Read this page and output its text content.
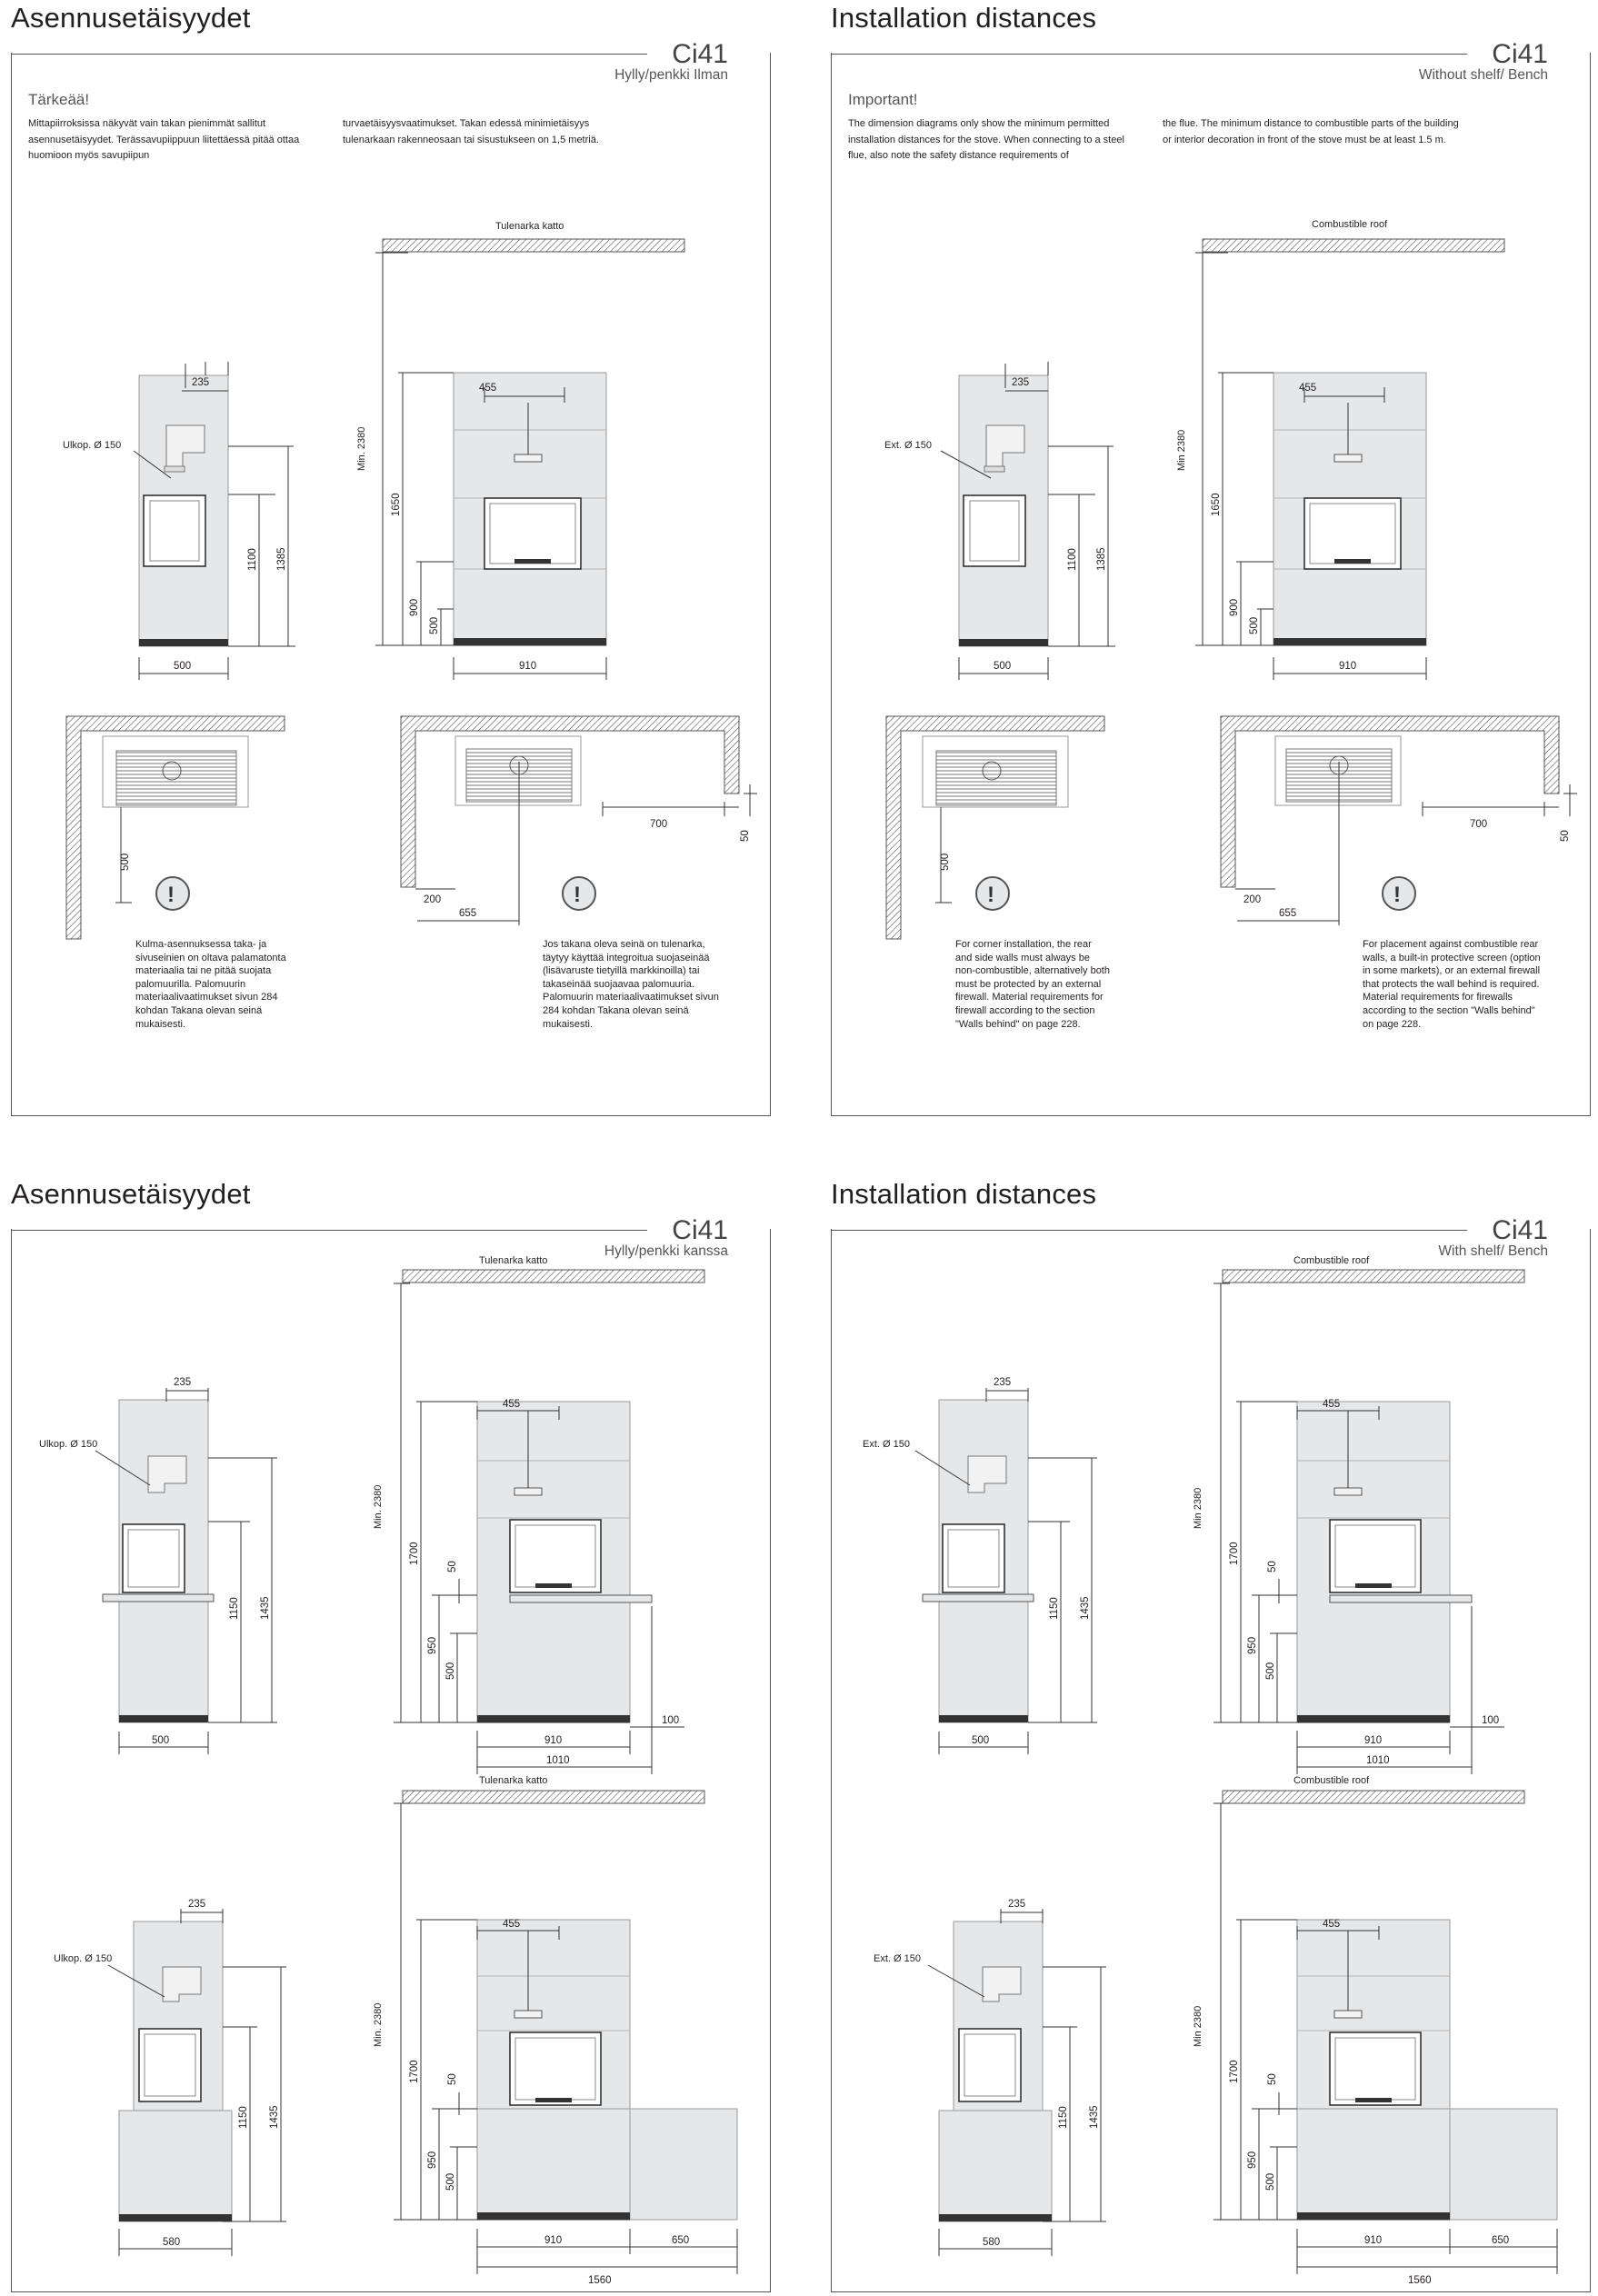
Asennusetäisyydet	Installation distances
Asennusetäisyydet	Installation distances
Ci41
Hylly/penkki Ilman
Tärkeää!
Mittapiirroksissa näkyvät vain takan pienimmät sallitut asennusetäisyydet. Terässavupiippuun liitettäessä pitää ottaa huomioon myös savupiipun
turvaetäisyysvaatimukset. Takan edessä minimietäisyys tulenarkaan rakenneosaan tai sisustukseen on 1,5 metriä.
Kulma-asennuksessa taka- ja sivuseinien on oltava palamatonta materiaalia tai ne pitää suojata palomuurilla. Palomuurin materiaalivaatimukset sivun 284 kohdan Takana olevan seinä mukaisesti.
Jos takana oleva seinä on tulenarka, täytyy käyttää integroitua suojaseinää (lisävaruste tietyillä markkinoilla) tai takaseinää suojaavaa palomuuria. Palomuurin materiaalivaatimukset sivun 284 kohdan Takana olevan seinä mukaisesti.
Tulenarka katto
235
Ulkop. Ø 150
500
1100 1385
455
Min. 2380
1650
900
500
910
500
!
700
50
200
655
!
Ci41
Without shelf/ Bench
Important!
The dimension diagrams only show the minimum permitted installation distances for the stove. When connecting to a steel flue, also note the safety distance requirements of
the flue. The minimum distance to combustible parts of the building or interior decoration in front of the stove must be at least 1.5 m.
For corner installation, the rear and side walls must always be non-combustible, alternatively both must be protected by an external firewall. Material requirements for firewall according to the section "Walls behind" on page 228.
For placement against combustible rear walls, a built-in protective screen (option in some markets), or an external firewall that protects the wall behind is required. Material requirements for firewalls according to the section "Walls behind" on page 228.
Combustible roof
235
Ext. Ø 150
500
1100 1385
455
Min 2380
1650
900
500
910
500
!
700
50
200
655
!
Ci41
Hylly/penkki kanssa
Tulenarka katto
235
Ulkop. Ø 150
1150 1435
500
455
Min. 2380
1700
950
500
50
910
100
1010
Tulenarka katto
235
Ulkop. Ø 150
1150 1435
580
455
Min. 2380
1700
950
500
50
910	650
1560
Ci41
With shelf/ Bench
Combustible roof
235
Ext. Ø 150
1150 1435
500
455
Min 2380
1700
950
500
50
910
100
1010
Combustible roof
235
Ext. Ø 150
1150 1435
580
455
Min 2380
1700
950
500
50
910	650
1560
